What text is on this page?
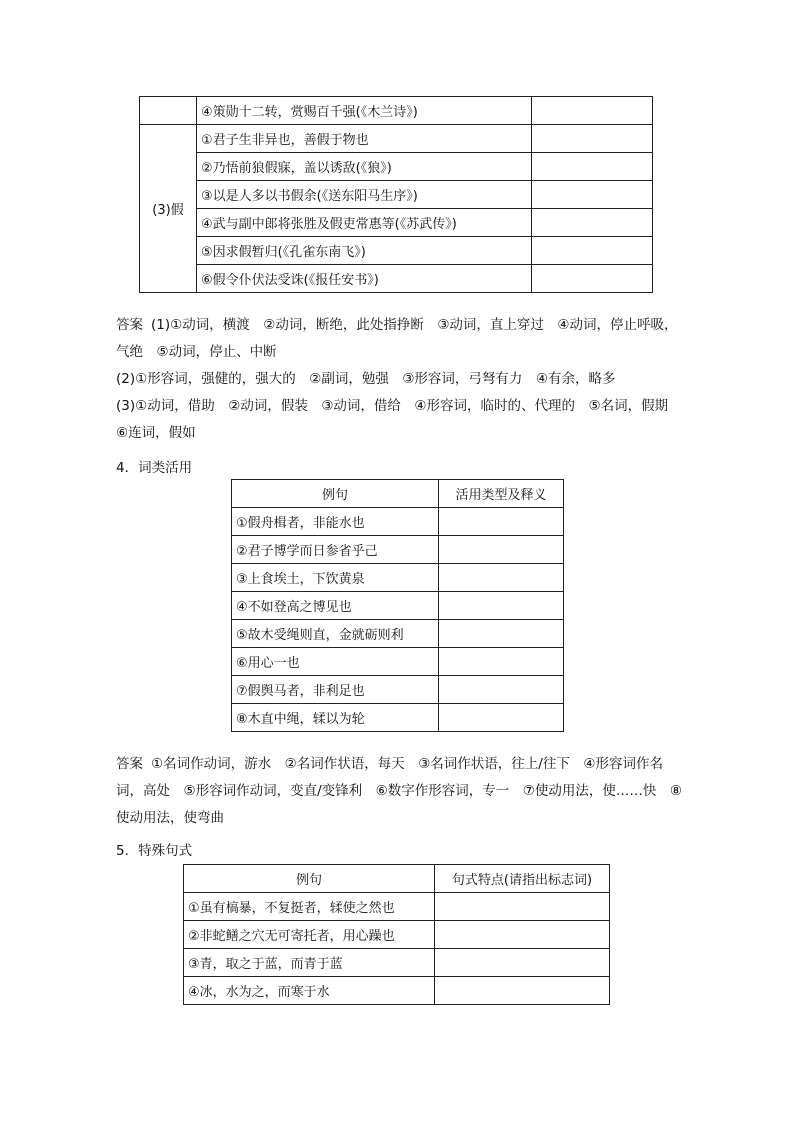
	④策勋十二转，赏赐百千强(《木兰诗》)	
(3)假	①君子生非异也，善假于物也	
	②乃悟前狼假寐，盖以诱敌(《狼》)	
	③以是人多以书假余(《送东阳马生序》)	
	④武与副中郎将张胜及假吏常惠等(《苏武传》)	
	⑤因求假暂归(《孔雀东南飞》)	
	⑥假令仆伏法受诛(《报任安书》)	

答案 (1)①动词，横渡　②动词，断绝，此处指挣断　③动词，直上穿过　④动词，停止呼吸，气绝　⑤动词，停止、中断

(2)①形容词，强健的，强大的　②副词，勉强　③形容词，弓弩有力　④有余，略多

(3)①动词，借助　②动词，假装　③动词，借给　④形容词，临时的、代理的　⑤名词，假期　⑥连词，假如

4．词类活用
例句	活用类型及释义
①假舟楫者，非能水也	
②君子博学而日参省乎己	
③上食埃土，下饮黄泉	
④不如登高之博见也	
⑤故木受绳则直，金就砺则利	
⑥用心一也	
⑦假舆马者，非利足也	
⑧木直中绳，𫐓以为轮	

答案 ①名词作动词，游水　②名词作状语，每天　③名词作状语，往上/往下　④形容词作名词，高处　⑤形容词作动词，变直/变锋利　⑥数字作形容词，专一　⑦使动用法，使……快　⑧使动用法，使弯曲

5．特殊句式
例句	句式特点(请指出标志词)
①虽有槁暴，不复挺者，𫐓使之然也	
②非蛇鳝之穴无可寄托者，用心躁也	
③青，取之于蓝，而青于蓝	
④冰，水为之，而寒于水	
